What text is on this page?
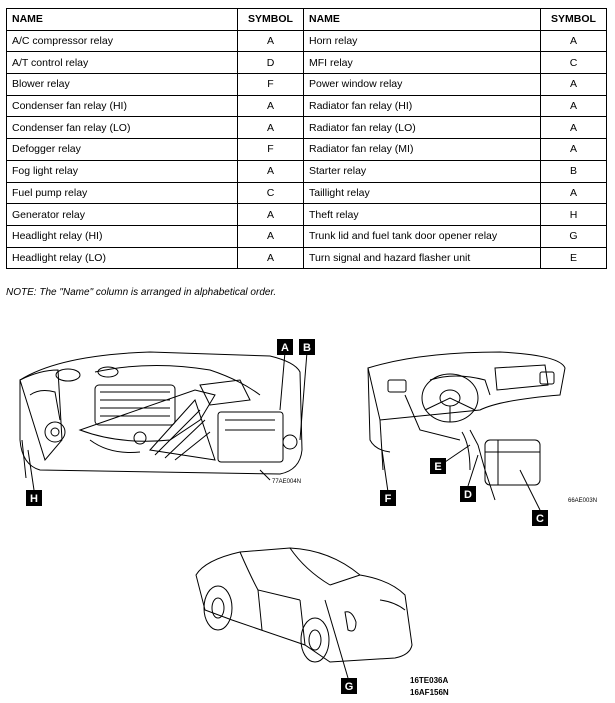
NAME	SYMBOL	NAME	SYMBOL
A/C compressor relay	A	Horn relay	A
A/T control relay	D	MFI relay	C
Blower relay	F	Power window relay	A
Condenser fan relay (HI)	A	Radiator fan relay (HI)	A
Condenser fan relay (LO)	A	Radiator fan relay (LO)	A
Defogger relay	F	Radiator fan relay (MI)	A
Fog light relay	A	Starter relay	B
Fuel pump relay	C	Taillight relay	A
Generator relay	A	Theft relay	H
Headlight relay (HI)	A	Trunk lid and fuel tank door opener relay	G
Headlight relay (LO)	A	Turn signal and hazard flasher unit	E
NOTE: The "Name" column is arranged in alphabetical order.
A B
H
77AE004N
E
D
F
C
66AE003N
G
16TE036A
16AF156N
